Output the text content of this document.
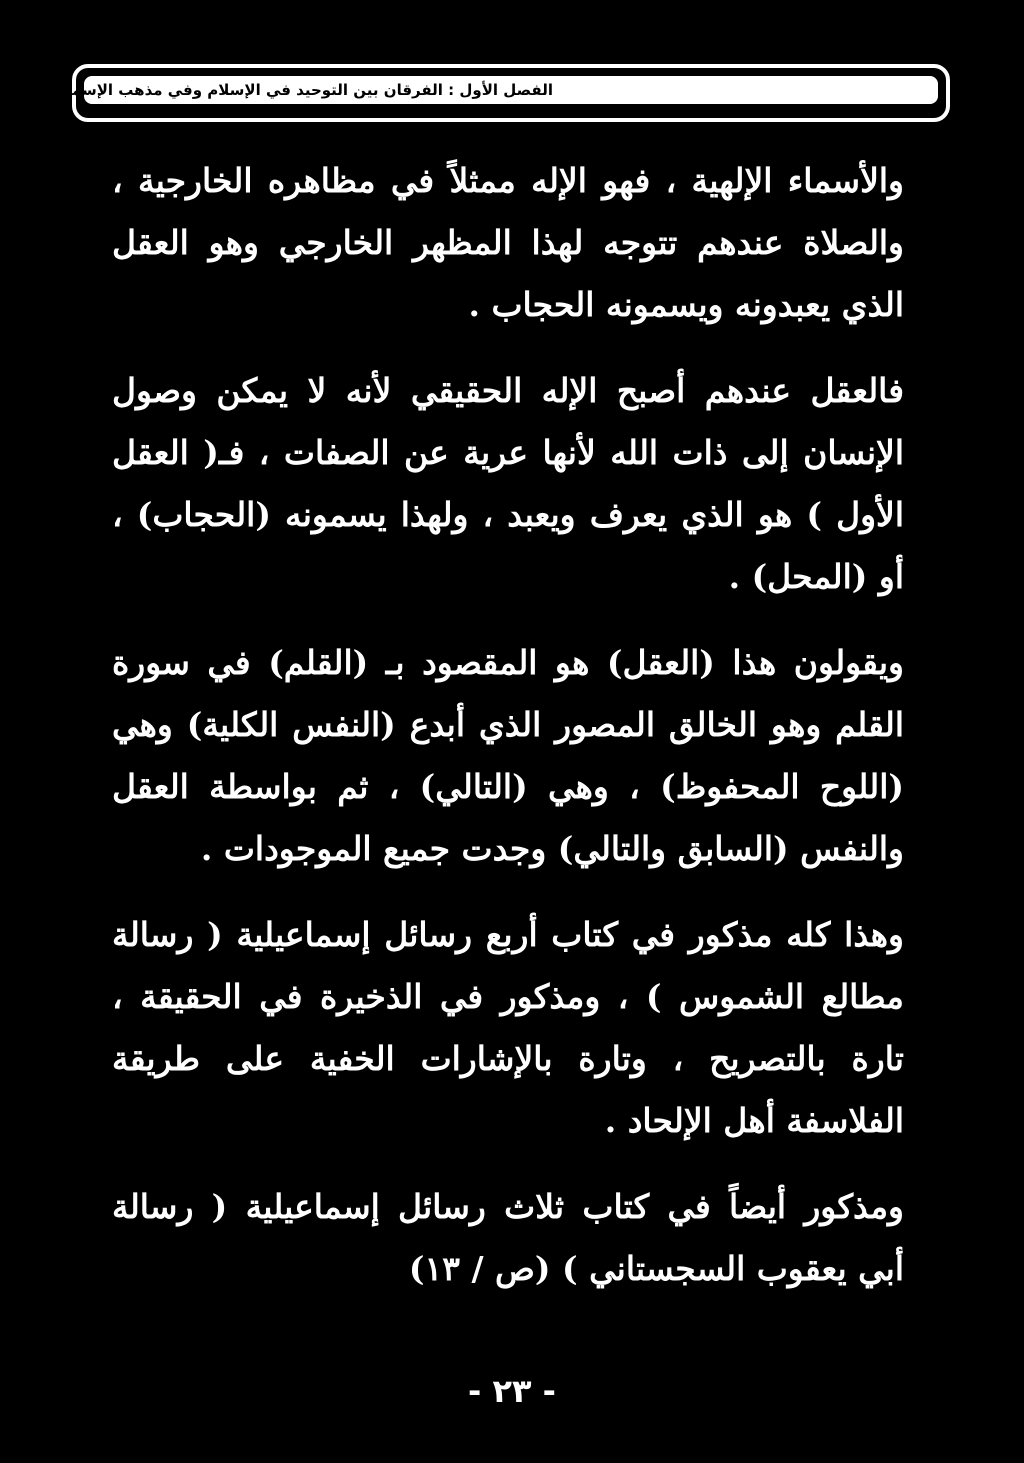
الفصل الأول : الفرقان بين التوحيد في الإسلام وفي مذهب الإسماعيلية

والأسماء الإلهية ، فهو الإله ممثلاً في مظاهره الخارجية ، والصلاة عندهم تتوجه لهذا المظهر الخارجي وهو العقل الذي يعبدونه ويسمونه الحجاب .

فالعقل عندهم أصبح الإله الحقيقي لأنه لا يمكن وصول الإنسان إلى ذات الله لأنها عرية عن الصفات ، فـ( العقل الأول ) هو الذي يعرف ويعبد ، ولهذا يسمونه (الحجاب) ، أو (المحل) .

ويقولون هذا (العقل) هو المقصود بـ (القلم) في سورة القلم وهو الخالق المصور الذي أبدع (النفس الكلية) وهي (اللوح المحفوظ) ، وهي (التالي) ، ثم بواسطة العقل والنفس (السابق والتالي) وجدت جميع الموجودات .

وهذا كله مذكور في كتاب أربع رسائل إسماعيلية ( رسالة مطالع الشموس ) ، ومذكور في الذخيرة في الحقيقة ، تارة بالتصريح ، وتارة بالإشارات الخفية على طريقة الفلاسفة أهل الإلحاد .

ومذكور أيضاً في كتاب ثلاث رسائل إسماعيلية ( رسالة أبي يعقوب السجستاني ) (ص / ١٣)

- ٢٣ -
